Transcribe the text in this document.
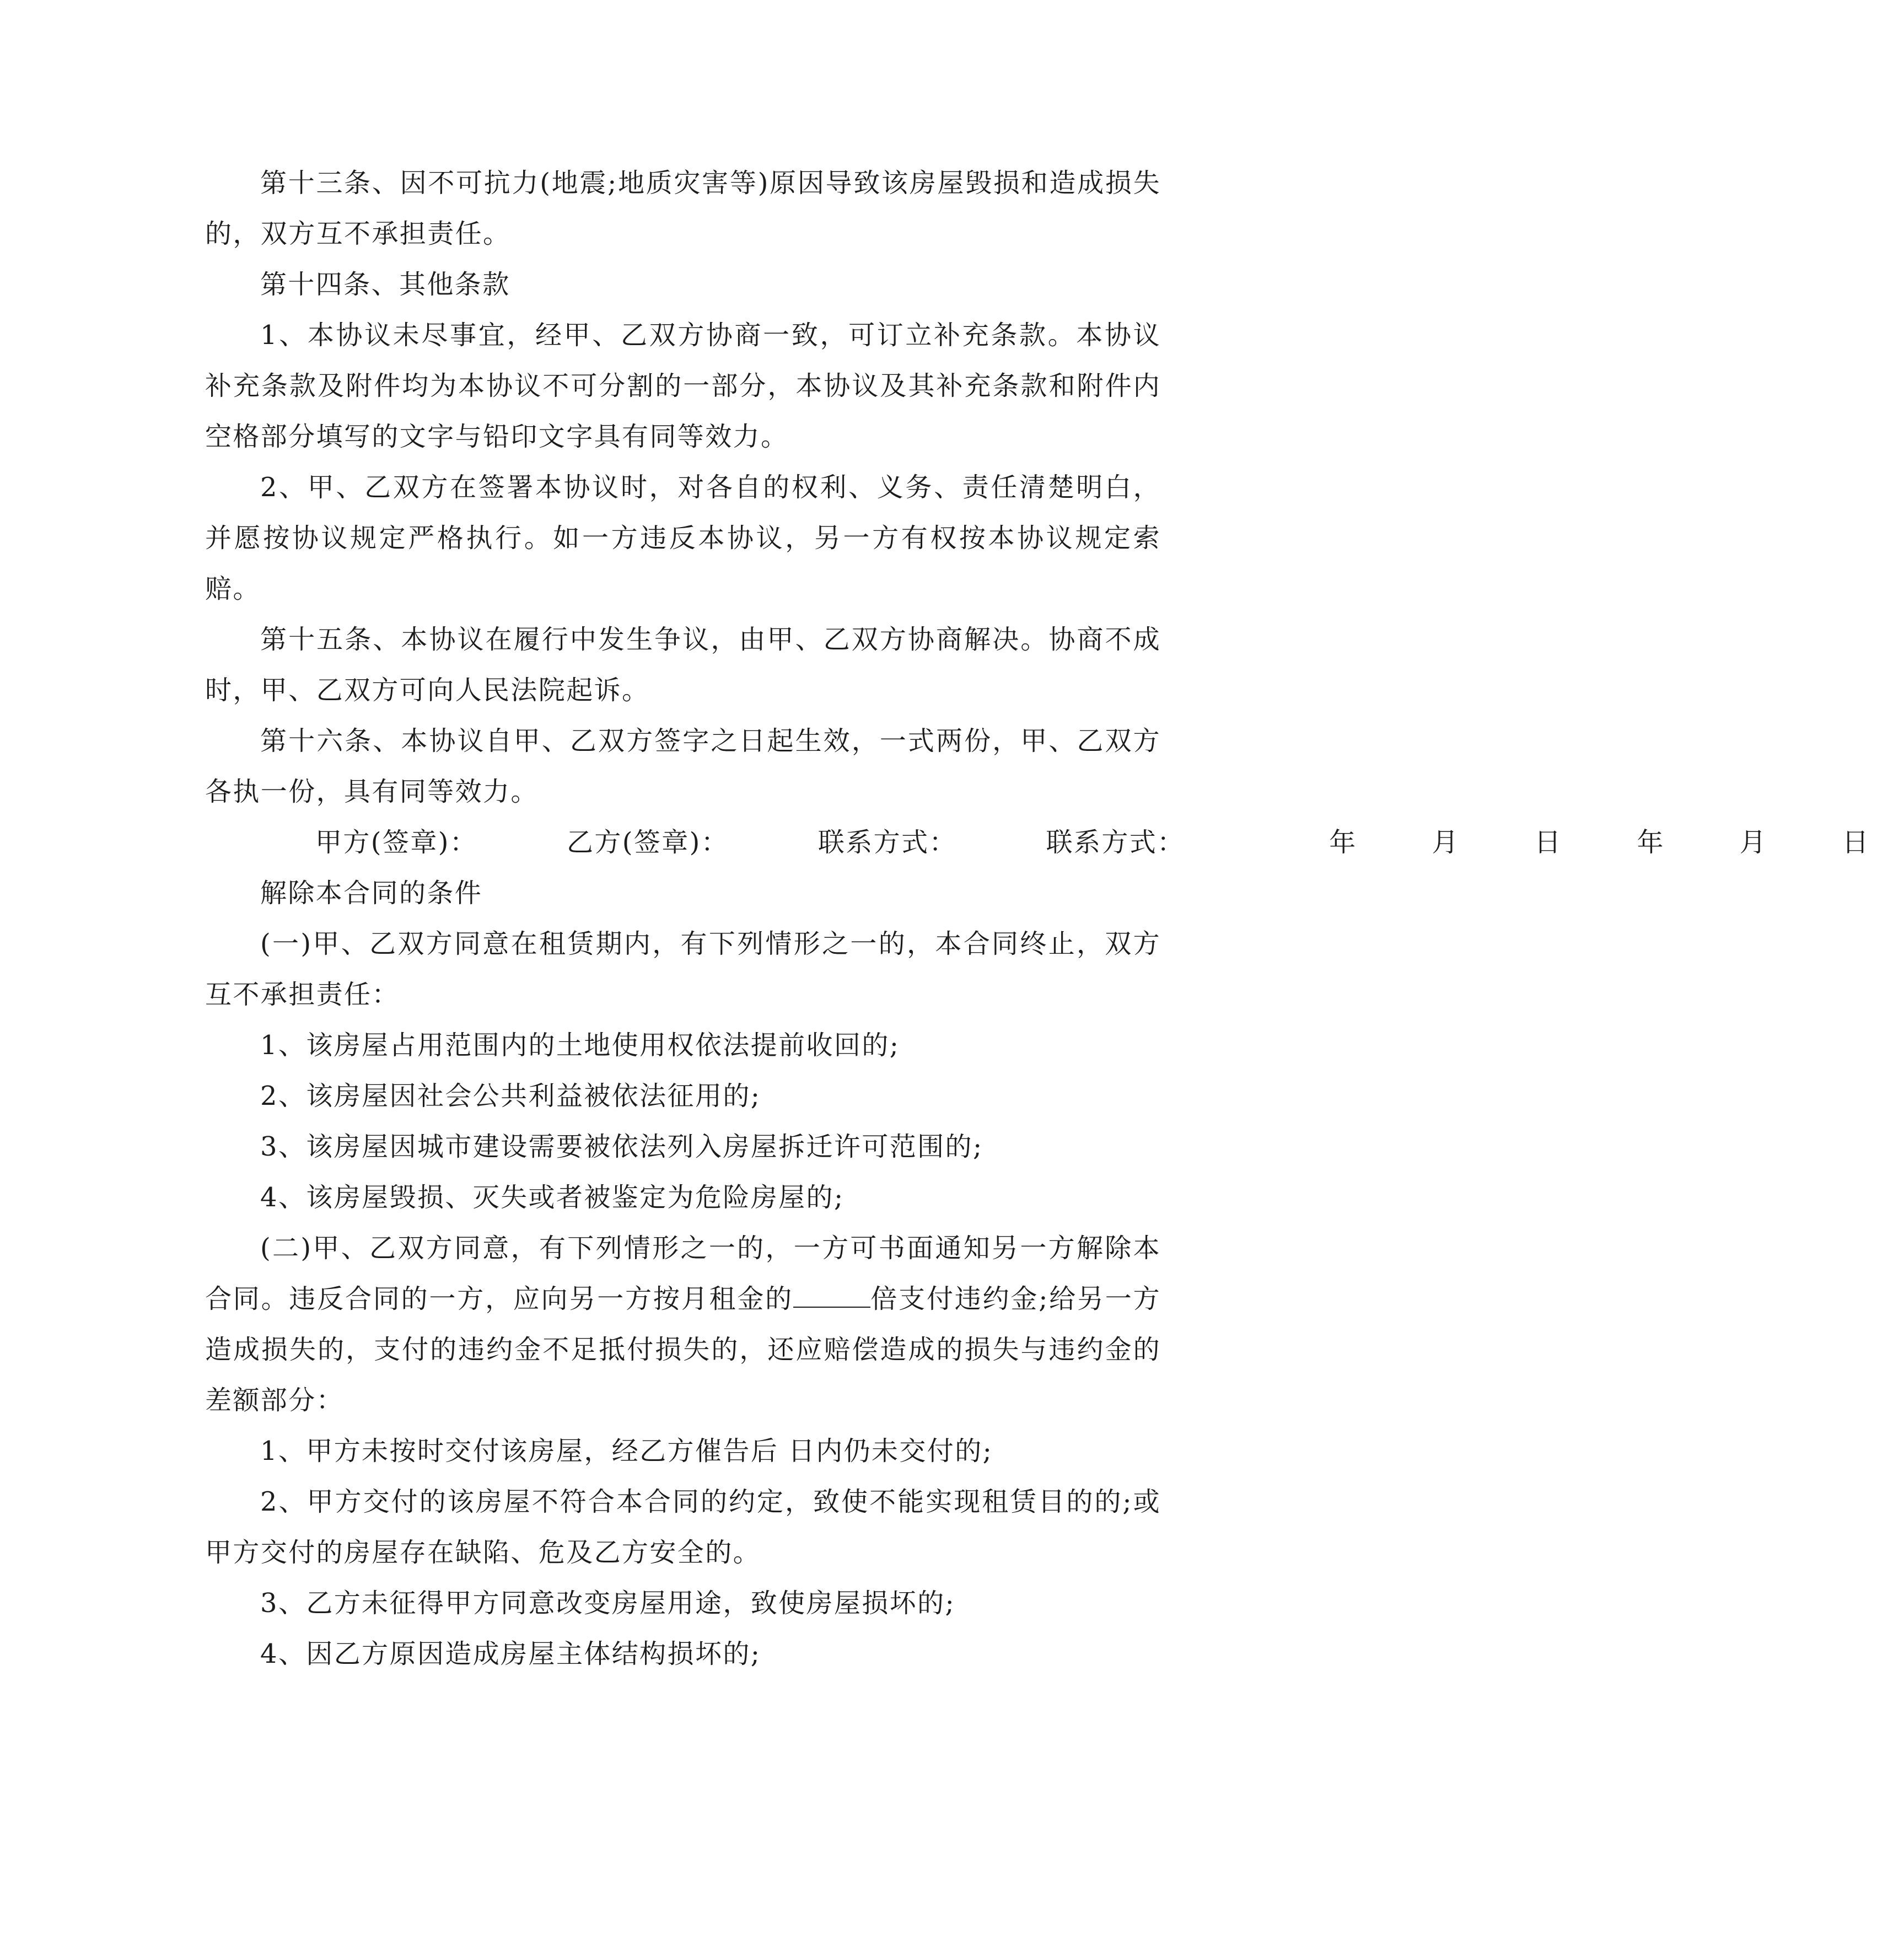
第十三条、因不可抗力(地震;地质灾害等)原因导致该房屋毁损和造成损失的，双方互不承担责任。

第十四条、其他条款

1、本协议未尽事宜，经甲、乙双方协商一致，可订立补充条款。本协议补充条款及附件均为本协议不可分割的一部分，本协议及其补充条款和附件内空格部分填写的文字与铅印文字具有同等效力。

2、甲、乙双方在签署本协议时，对各自的权利、义务、责任清楚明白，并愿按协议规定严格执行。如一方违反本协议，另一方有权按本协议规定索赔。

第十五条、本协议在履行中发生争议，由甲、乙双方协商解决。协商不成时，甲、乙双方可向人民法院起诉。

第十六条、本协议自甲、乙双方签字之日起生效，一式两份，甲、乙双方各执一份，具有同等效力。

甲方(签章)：	乙方(签章)：	联系方式：	联系方式：	年	月	日	年	月	日

解除本合同的条件

(一)甲、乙双方同意在租赁期内，有下列情形之一的，本合同终止，双方互不承担责任：

1、该房屋占用范围内的土地使用权依法提前收回的;

2、该房屋因社会公共利益被依法征用的;

3、该房屋因城市建设需要被依法列入房屋拆迁许可范围的;

4、该房屋毁损、灭失或者被鉴定为危险房屋的;

(二)甲、乙双方同意，有下列情形之一的，一方可书面通知另一方解除本合同。违反合同的一方，应向另一方按月租金的	倍支付违约金;给另一方造成损失的，支付的违约金不足抵付损失的，还应赔偿造成的损失与违约金的差额部分：

1、甲方未按时交付该房屋，经乙方催告后 日内仍未交付的;

2、甲方交付的该房屋不符合本合同的约定，致使不能实现租赁目的的;或甲方交付的房屋存在缺陷、危及乙方安全的。

3、乙方未征得甲方同意改变房屋用途，致使房屋损坏的;

4、因乙方原因造成房屋主体结构损坏的;
